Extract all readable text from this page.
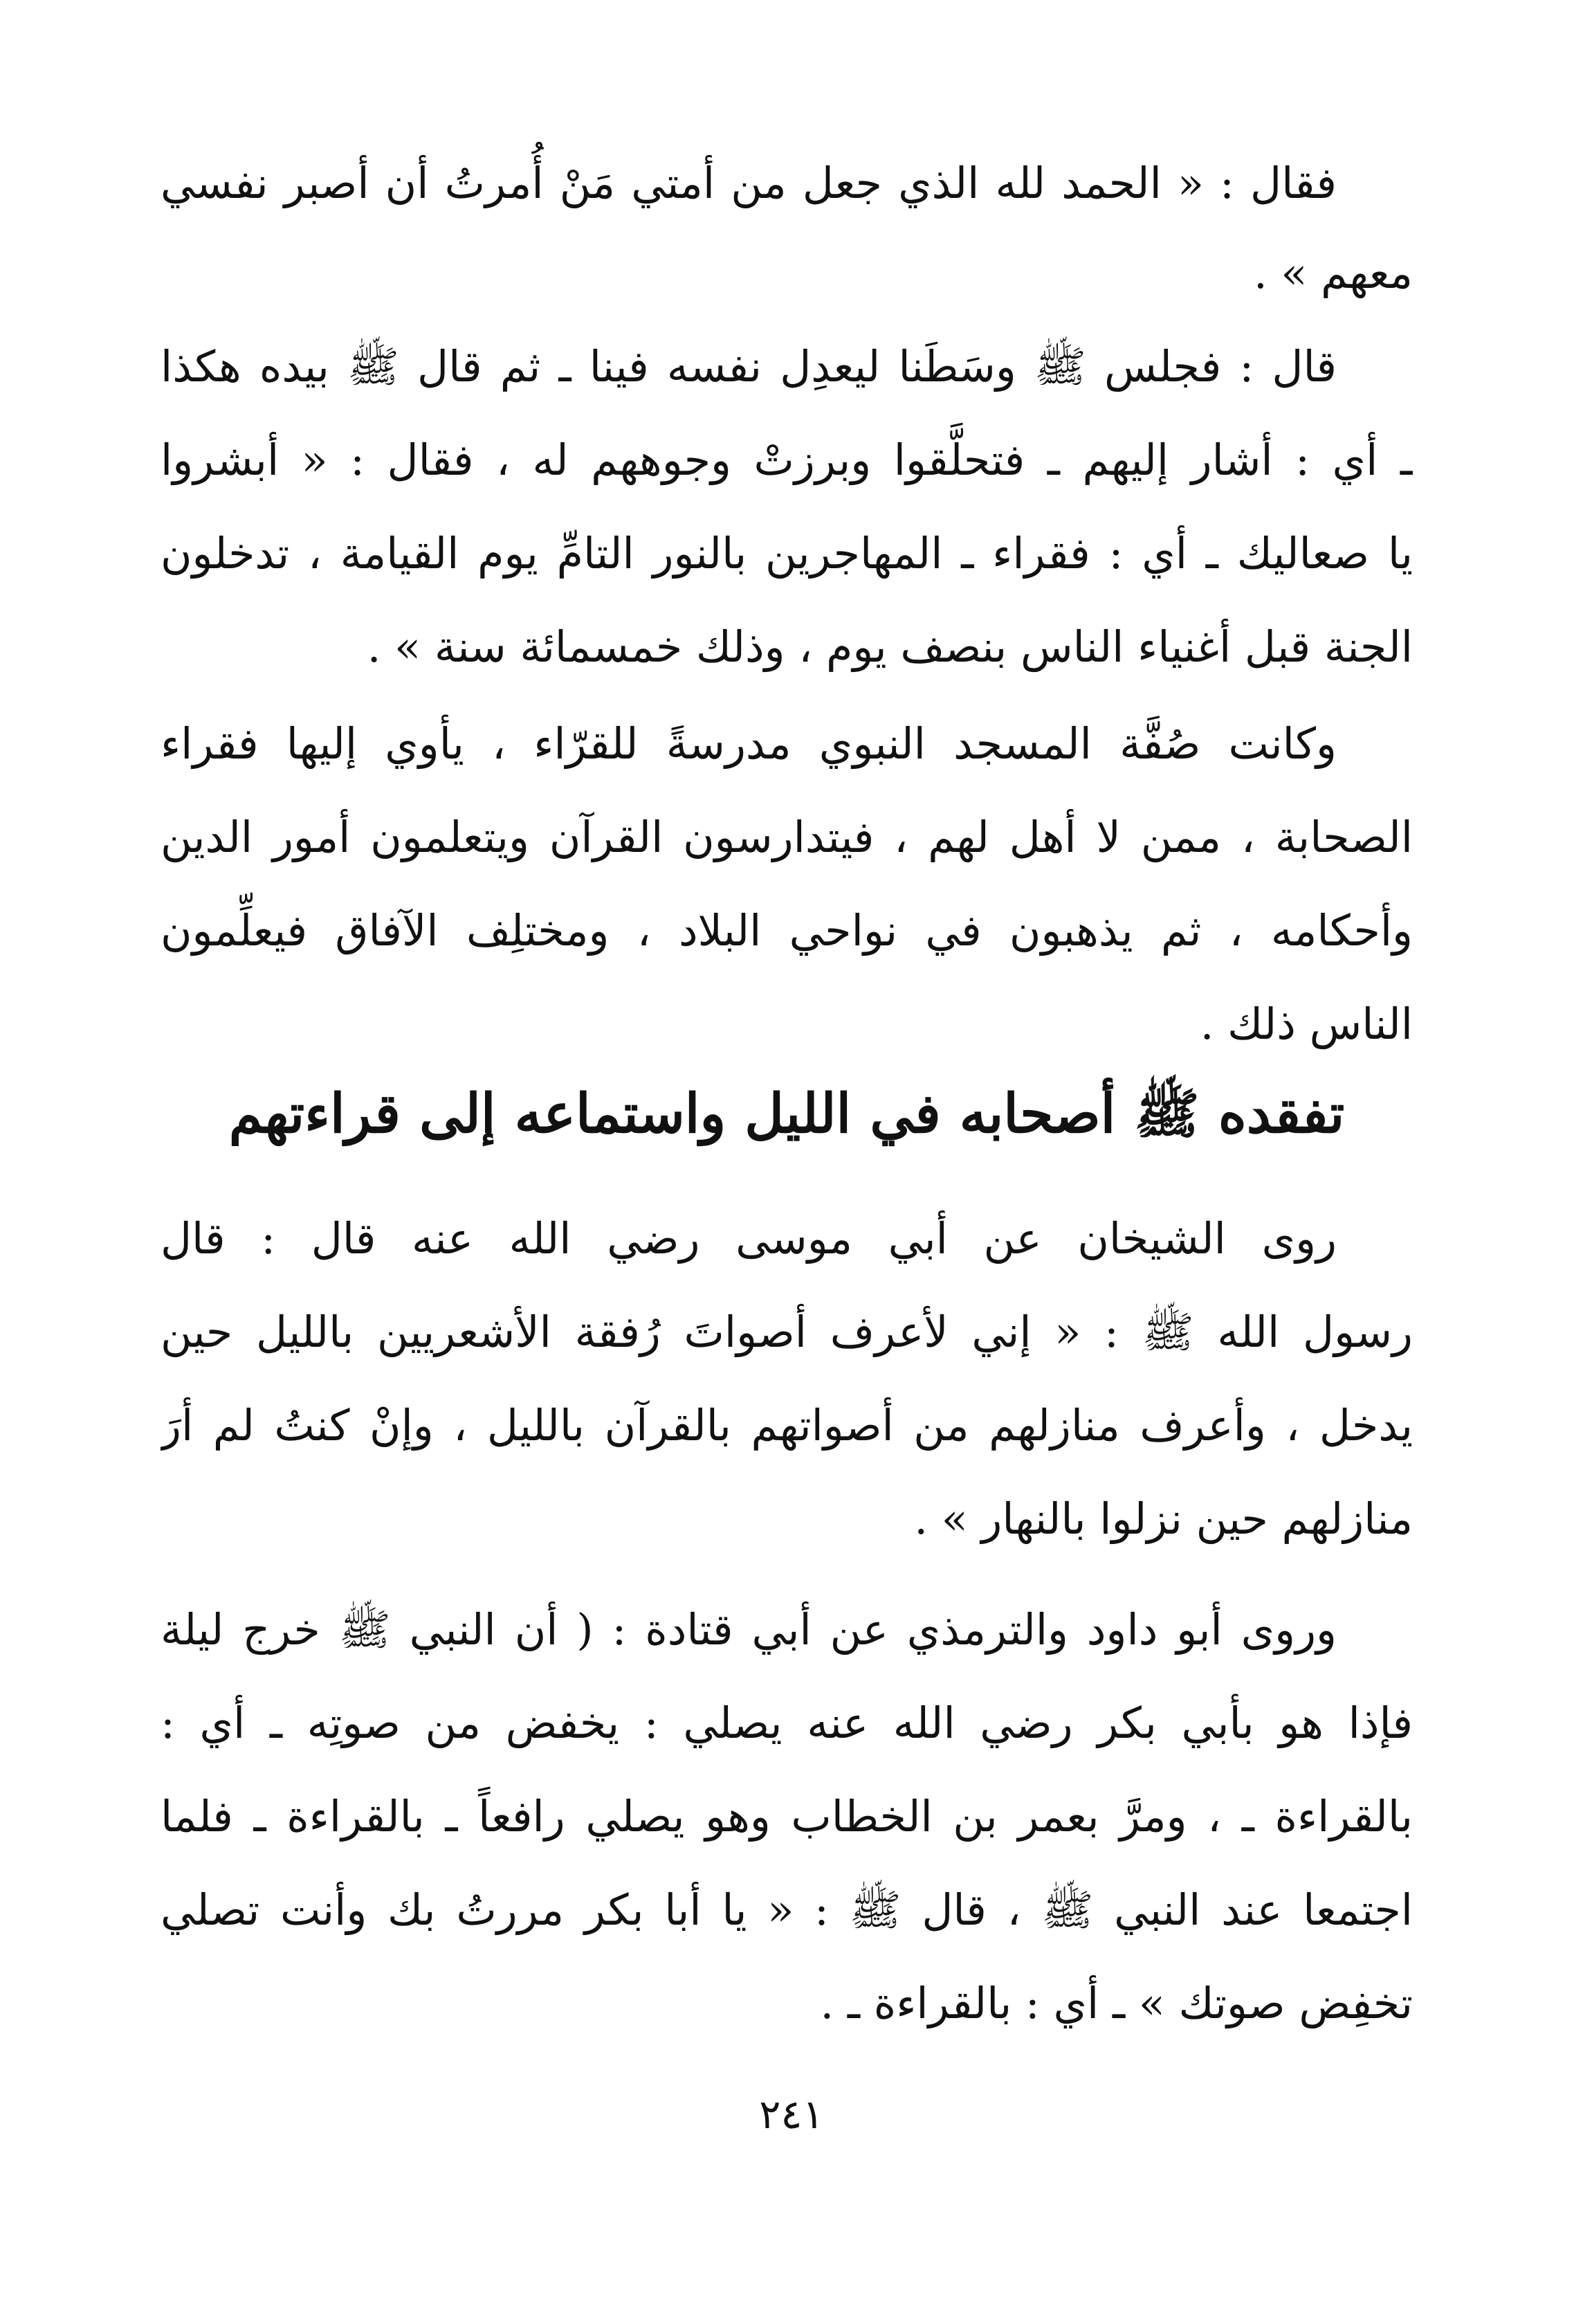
فقال : « الحمد لله الذي جعل من أمتي مَنْ أُمرتُ أن أصبر نفسي
معهم » .
قال : فجلس ﷺ وسَطَنا ليعدِل نفسه فينا ـ ثم قال ﷺ بيده هكذا
ـ أي : أشار إليهم ـ فتحلَّقوا وبرزتْ وجوههم له ، فقال : « أبشروا
يا صعاليك ـ أي : فقراء ـ المهاجرين بالنور التامِّ يوم القيامة ، تدخلون
الجنة قبل أغنياء الناس بنصف يوم ، وذلك خمسمائة سنة » .
وكانت صُفَّة المسجد النبوي مدرسةً للقرّاء ، يأوي إليها فقراء
الصحابة ، ممن لا أهل لهم ، فيتدارسون القرآن ويتعلمون أمور الدين
وأحكامه ، ثم يذهبون في نواحي البلاد ، ومختلِف الآفاق فيعلِّمون
الناس ذلك .
تفقده ﷺ أصحابه في الليل واستماعه إلى قراءتهم
روى الشيخان عن أبي موسى رضي الله عنه قال : قال
رسول الله ﷺ : « إني لأعرف أصواتَ رُفقة الأشعريين بالليل حين
يدخل ، وأعرف منازلهم من أصواتهم بالقرآن بالليل ، وإنْ كنتُ لم أرَ
منازلهم حين نزلوا بالنهار » .
وروى أبو داود والترمذي عن أبي قتادة : ( أن النبي ﷺ خرج ليلة
فإذا هو بأبي بكر رضي الله عنه يصلي : يخفض من صوتِه ـ أي :
بالقراءة ـ ، ومرَّ بعمر بن الخطاب وهو يصلي رافعاً ـ بالقراءة ـ فلما
اجتمعا عند النبي ﷺ ، قال ﷺ : « يا أبا بكر مررتُ بك وأنت تصلي
تخفِض صوتك » ـ أي : بالقراءة ـ .
٢٤١
